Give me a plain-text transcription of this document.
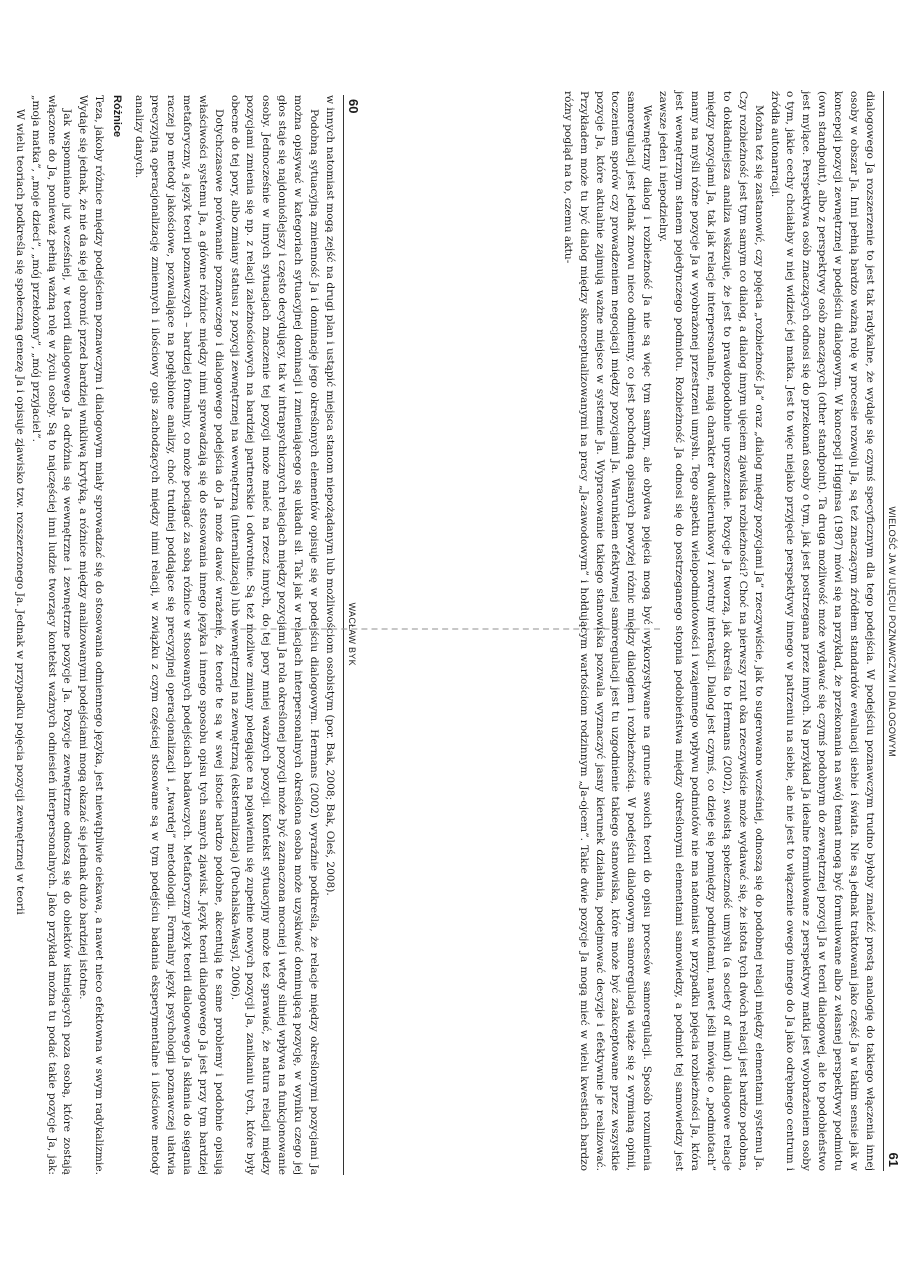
60
WACŁAW BYK

w innych natomiast mogą zejść na drugi plan i ustąpić miejsca stanom niepożądanym lub możliwościom osobistym (por. Bak, 2008; Bak, Oleś, 2008).

Podobną sytuacyjną zmienność Ja i dominację jego określonych elementów opisuje się w podejściu dialogowym. Hermans (2002) wyraźnie podkreśla, że relacje między określonymi pozycjami Ja można opisywać w kategoriach sytuacyjnej dominacji i zmieniającego się układu sił. Tak jak w relacjach interpersonalnych określona osoba może uzyskiwać dominującą pozycję, w wyniku czego jej głos staje się najdonioślejszy i często decydujący, tak w intrapsychicznych relacjach między pozycjami Ja rola określonej pozycji może być zaznaczona mocniej i wtedy silniej wpływa na funkcjonowanie osoby. Jednocześnie w innych sytuacjach znaczenie tej pozycji może maleć na rzecz innych, do tej pory mniej ważnych pozycji. Kontekst sytuacyjny może też sprawiać, że natura relacji między pozycjami zmienia się np. z relacji zależnościowych na bardziej partnerskie i odwrotnie. Są też możliwe zmiany polegające na pojawieniu się zupełnie nowych pozycji Ja, zanikaniu tych, które były obecne do tej pory, albo zmiany statusu z pozycji zewnętrznej na wewnętrzną (internalizacja) lub wewnętrznej na zewnętrzną (eksternalizacja) (Puchalska-Wasyl, 2006).

Dotychczasowe porównanie poznawczego i dialogowego podejścia do Ja może dawać wrażenie, że teorie te są w swej istocie bardzo podobne, akcentują te same problemy i podobnie opisują właściwości systemu Ja, a główne różnice między nimi sprowadzają się do stosowania innego języka i innego sposobu opisu tych samych zjawisk. Język teorii dialogowego Ja jest przy tym bardziej metaforyczny, a język teorii poznawczych – bardziej formalny, co może pociągać za sobą różnice w stosowanych podejściach badawczych. Metaforyczny język teorii dialogowego Ja skłania do sięgania raczej po metody jakościowe, pozwalające na pogłębione analizy, choć trudniej poddające się precyzyjnej operacjonalizacji i „twardej” metodologii. Formalny język psychologii poznawczej ułatwia precyzyjną operacjonalizację zmiennych i ilościowy opis zachodzących między nimi relacji, w związku z czym częściej stosowane są w tym podejściu badania eksperymentalne i ilościowe metody analizy danych.

Różnice

Teza, jakoby różnice między podejściem poznawczym i dialogowym miały sprowadzać się do stosowania odmiennego języka, jest niewątpliwie ciekawa, a nawet nieco efektowna w swym radykalizmie. Wydaje się jednak, że nie da się jej obronić przed bardziej wnikliwą krytyką, a różnice między analizowanymi podejściami mogą okazać się jednak dużo bardziej istotne.

Jak wspomniano już wcześniej, w teorii dialogowego Ja odróżnia się wewnętrzne i zewnętrzne pozycje Ja. Pozycje zewnętrzne odnoszą się do obiektów istniejących poza osobą, które zostają włączone do Ja, ponieważ pełnią ważną rolę w życiu osoby. Są to najczęściej inni ludzie tworzący kontekst ważnych odniesień interpersonalnych. Jako przykład można tu podać takie pozycje Ja, jak: „moja matka”, „moje dzieci”, „mój przełożony”, „mój przyjaciel”.

W wielu teoriach podkreśla się społeczną genezę Ja i opisuje zjawisko tzw. rozszerzonego Ja. Jednak w przypadku pojęcia pozycji zewnętrznej w teorii	WIELOŚĆ JA W UJĘCIU POZNAWCZYM I DIALOGOWYM
61

dialogowego Ja rozszerzenie to jest tak radykalne, że wydaje się czymś specyficznym dla tego podejścia. W podejściu poznawczym trudno byłoby znaleźć prostą analogię do takiego włączenia innej osoby w obszar Ja. Inni pełnią bardzo ważną rolę w procesie rozwoju Ja, są też znaczącym źródłem standardów ewaluacji siebie i świata. Nie są jednak traktowani jako część Ja w takim sensie jak w koncepcji pozycji zewnętrznej w podejściu dialogowym. W koncepcji Higginsa (1987) mówi się na przykład, że przekonania na swój temat mogą być formułowane albo z własnej perspektywy podmiotu (own standpoint), albo z perspektywy osób znaczących (other standpoint). Ta druga możliwość może wydawać się czymś podobnym do zewnętrznej pozycji Ja w teorii dialogowej, ale to podobieństwo jest mylące. Perspektywa osób znaczących odnosi się do przekonań osoby o tym, jak jest postrzegana przez innych. Na przykład Ja idealne formułowane z perspektywy matki jest wyobrażeniem osoby o tym, jakie cechy chciałaby w niej widzieć jej matka. Jest to więc niejako przyjęcie perspektywy innego w patrzeniu na siebie, ale nie jest to włączenie owego innego do Ja jako odrębnego centrum i źródła autonarracji.

Można też się zastanowić, czy pojęcia „rozbieżność Ja” oraz „dialog między pozycjami Ja” rzeczywiście, jak to sugerowano wcześniej, odnoszą się do podobnej relacji między elementami systemu Ja. Czy rozbieżność jest tym samym co dialog, a dialog innym ujęciem zjawiska rozbieżności? Choć na pierwszy rzut oka rzeczywiście może wydawać się, że istota tych dwóch relacji jest bardzo podobna, to dokładniejsza analiza wskazuje, że jest to prawdopodobnie uproszczenie. Pozycje Ja tworzą, jak określa to Hermans (2002), swoistą społeczność umysłu (a society of mind) i dialogowe relacje między pozycjami Ja, tak jak relacje interpersonalne, mają charakter dwukierunkowy i zwrotny interakcji. Dialog jest czymś, co dzieje się pomiędzy podmiotami, nawet jeśli mówiąc o „podmiotach” mamy na myśli różne pozycje Ja w wyobrażonej przestrzeni umysłu. Tego aspektu wielopodmiotowości i wzajemnego wpływu podmiotów nie ma natomiast w przypadku pojęcia rozbieżności Ja, która jest wewnętrznym stanem pojedynczego podmiotu. Rozbieżność Ja odnosi się do postrzeganego stopnia podobieństwa między określonymi elementami samowiedzy, a podmiot tej samowiedzy jest zawsze jeden i niepodzielny.

Wewnętrzny dialog i rozbieżność Ja nie są więc tym samym, ale obydwa pojęcia mogą być wykorzystywane na gruncie swoich teorii do opisu procesów samoregulacji. Sposób rozumienia samoregulacji jest jednak znowu nieco odmienny, co jest pochodną opisanych powyżej różnic między dialogiem i rozbieżnością. W podejściu dialogowym samoregulacja wiąże się z wymianą opinii, toczeniem sporów czy prowadzeniem negocjacji między pozycjami Ja. Warunkiem efektywnej samoregulacji jest tu uzgodnienie takiego stanowiska, które może być zaakceptowane przez wszystkie pozycje Ja, które aktualnie zajmują ważne miejsce w systemie Ja. Wypracowanie takiego stanowiska pozwala wyznaczyć jasny kierunek działania, podejmować decyzje i efektywnie je realizować. Przykładem może tu być dialog między skonceptualizowanymi na pracy „Ja-zawodowym” i hołdującym wartościom rodzinnym „Ja-ojcem”. Takie dwie pozycje Ja mogą mieć w wielu kwestiach bardzo różny pogląd na to, czemu aktu-
